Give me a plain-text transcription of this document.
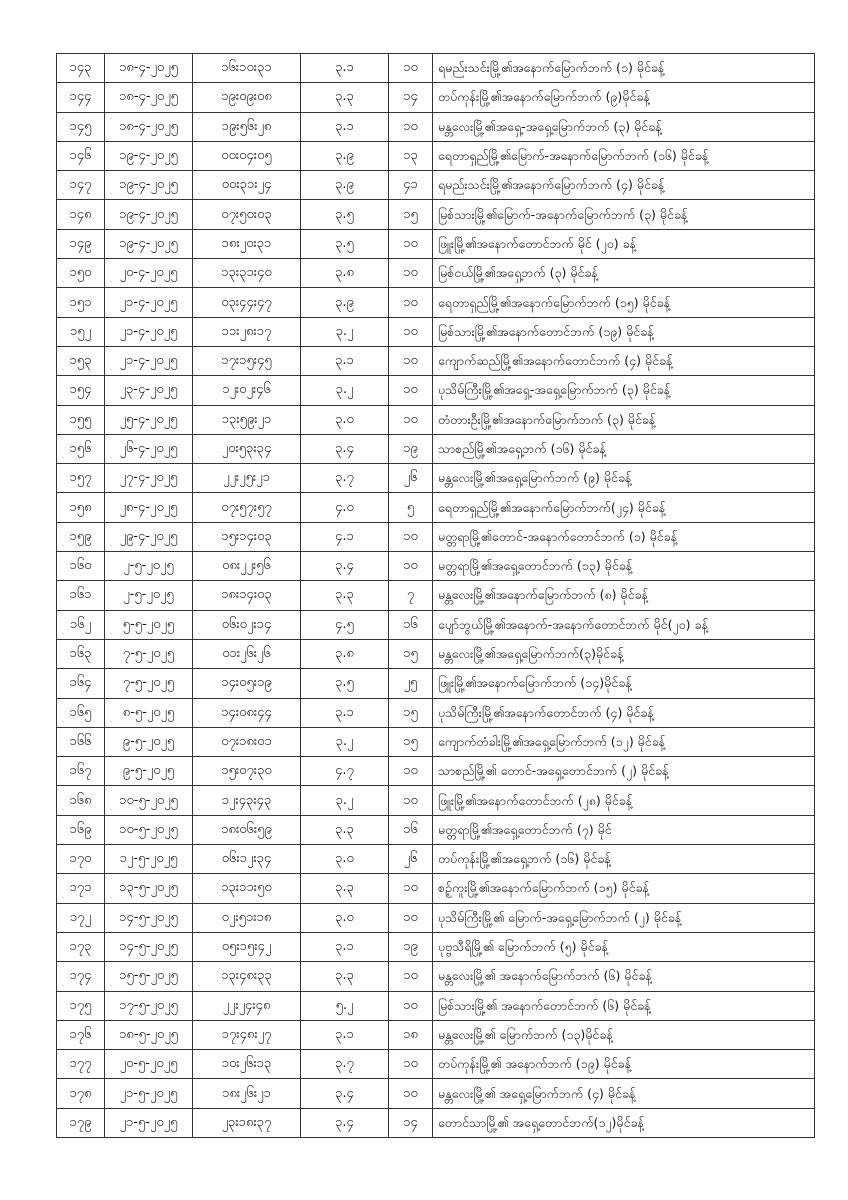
၁၄၃	၁၈-၄-၂၀၂၅	၁၆း၁၀း၃၁	၃.၁	၁၀	ရမည်းသင်းမြို့၏အနောက်မြောက်ဘက် (၁) မိုင်ခန့်
၁၄၄	၁၈-၄-၂၀၂၅	၁၉း၀၉း၀၈	၃.၃	၁၄	တပ်ကုန်းမြို့၏အနောက်မြောက်ဘက် (၉)မိုင်ခန့်
၁၄၅	၁၈-၄-၂၀၂၅	၁၉း၅၆း၂၈	၃.၁	၁၀	မန္တလေးမြို့၏အရှေ့-အရှေ့မြောက်ဘက် (၃) မိုင်ခန့်
၁၄၆	၁၉-၄-၂၀၂၅	၀၀း၀၄း၀၅	၃.၉	၁၃	ရေတာရှည်မြို့၏မြောက်-အနောက်မြောက်ဘက် (၁၆) မိုင်ခန့်
၁၄၇	၁၉-၄-၂၀၂၅	၀၀း၃၁း၂၄	၃.၉	၄၁	ရမည်းသင်းမြို့၏အနောက်မြောက်ဘက် (၄) မိုင်ခန့်
၁၄၈	၁၉-၄-၂၀၂၅	၀၇း၅၀း၀၃	၃.၅	၁၅	မြစ်သားမြို့၏မြောက်-အနောက်မြောက်ဘက် (၃) မိုင်ခန့်
၁၄၉	၁၉-၄-၂၀၂၅	၁၈း၂၀း၃၁	၃.၅	၁၀	ဖြူးမြို့၏အနောက်တောင်ဘက် မိုင် (၂၀) ခန့်
၁၅၀	၂၀-၄-၂၀၂၅	၁၃း၃၁း၄၀	၃.၈	၁၀	မြစ်ငယ်မြို့၏အရှေ့ဘက် (၃) မိုင်ခန့်
၁၅၁	၂၁-၄-၂၀၂၅	၀၃း၄၄း၄၇	၃.၉	၁၀	ရေတာရှည်မြို့၏အနောက်မြောက်ဘက် (၁၅) မိုင်ခန့်
၁၅၂	၂၁-၄-၂၀၂၅	၁၁း၂၈း၁၇	၃.၂	၁၀	မြစ်သားမြို့၏အနောက်တောင်ဘက် (၁၉) မိုင်ခန့်
၁၅၃	၂၁-၄-၂၀၂၅	၁၇း၁၅း၄၅	၃.၁	၁၀	ကျောက်ဆည်မြို့၏အနောက်တောင်ဘက် (၄) မိုင်ခန့်
၁၅၄	၂၃-၄-၂၀၂၅	၁၂း၀၂း၄၆	၃.၂	၁၀	ပုသိမ်ကြီးမြို့၏အရှေ့-အရှေ့မြောက်ဘက် (၃) မိုင်ခန့်
၁၅၅	၂၅-၄-၂၀၂၅	၁၃း၅၉း၂၁	၃.၀	၁၀	တံတားဦးမြို့၏အနောက်မြောက်ဘက် (၃) မိုင်ခန့်
၁၅၆	၂၆-၄-၂၀၂၅	၂၀း၅၃း၃၄	၃.၄	၁၉	သာစည်မြို့၏အရှေ့ဘက် (၁၆) မိုင်ခန့်
၁၅၇	၂၇-၄-၂၀၂၅	၂၂း၂၅း၂၁	၃.၇	၂၆	မန္တလေးမြို့၏အရှေ့မြောက်ဘက် (၉) မိုင်ခန့်
၁၅၈	၂၈-၄-၂၀၂၅	၀၇း၅၇း၅၇	၄.၀	၅	ရေတာရှည်မြို့၏အနောက်မြောက်ဘက်(၂၄) မိုင်ခန့်
၁၅၉	၂၉-၄-၂၀၂၅	၁၅း၁၄း၀၃	၄.၁	၁၀	မတ္တရာမြို့၏တောင်-အနောက်တောင်ဘက် (၁) မိုင်ခန့်
၁၆၀	၂-၅-၂၀၂၅	၀၈း၂၂း၅၆	၃.၄	၁၀	မတ္တရာမြို့၏အရှေ့တောင်ဘက် (၁၃) မိုင်ခန့်
၁၆၁	၂-၅-၂၀၂၅	၁၈း၁၄း၀၃	၃.၃	၇	မန္တလေးမြို့၏အနောက်မြောက်ဘက် (၈) မိုင်ခန့်
၁၆၂	၅-၅-၂၀၂၅	၀၆း၀၂း၁၄	၄.၅	၁၆	ပျော်ဘွယ်မြို့၏အနောက်-အနောက်တောင်ဘက် မိုင်(၂၀) ခန့်
၁၆၃	၇-၅-၂၀၂၅	၀၁း၂၆း၂၆	၃.၈	၁၅	မန္တလေးမြို့၏အရှေ့မြောက်ဘက်(၃)မိုင်ခန့်
၁၆၄	၇-၅-၂၀၂၅	၁၄း၀၅း၁၉	၃.၅	၂၅	ဖြူးမြို့၏အနောက်မြောက်ဘက် (၁၄)မိုင်ခန့်
၁၆၅	၈-၅-၂၀၂၅	၁၄း၀၈း၄၄	၃.၁	၁၅	ပုသိမ်ကြီးမြို့၏အနောက်တောင်ဘက် (၄) မိုင်ခန့်
၁၆၆	၉-၅-၂၀၂၅	၀၇း၁၈း၀၁	၃.၂	၁၅	ကျောက်တံခါးမြို့၏အရှေ့မြောက်ဘက် (၁၂) မိုင်ခန့်
၁၆၇	၉-၅-၂၀၂၅	၁၅း၀၇း၃၀	၄.၇	၁၀	သာစည်မြို့၏ တောင်-အရှေ့တောင်ဘက် (၂) မိုင်ခန့်
၁၆၈	၁၀-၅-၂၀၂၅	၁၂း၄၃း၄၃	၃.၂	၁၀	ဖြူးမြို့၏အနောက်တောင်ဘက် (၂၈) မိုင်ခန့်
၁၆၉	၁၀-၅-၂၀၂၅	၁၈း၀၆း၅၉	၃.၃	၁၆	မတ္တရာမြို့၏အရှေ့တောင်ဘက် (၇) မိုင်
၁၇၀	၁၂-၅-၂၀၂၅	၀၆း၁၂း၃၄	၃.၀	၂၆	တပ်ကုန်းမြို့၏အရှေ့ဘက် (၁၆) မိုင်ခန့်
၁၇၁	၁၃-၅-၂၀၂၅	၁၃း၁၁း၅၀	၃.၃	၁၀	စဉ့်ကူးမြို့၏အနောက်မြောက်ဘက် (၁၅) မိုင်ခန့်
၁၇၂	၁၄-၅-၂၀၂၅	၀၂း၅၁း၁၈	၃.၀	၁၀	ပုသိမ်ကြီးမြို့၏ မြောက်-အရှေ့မြောက်ဘက် (၂) မိုင်ခန့်
၁၇၃	၁၄-၅-၂၀၂၅	၀၅း၁၅း၄၂	၃.၁	၁၉	ပုဗ္ဗသီရိမြို့၏ မြောက်ဘက် (၅) မိုင်ခန့်
၁၇၄	၁၅-၅-၂၀၂၅	၁၃း၄၈း၃၃	၃.၃	၁၀	မန္တလေးမြို့၏ အနောက်မြောက်ဘက် (၆) မိုင်ခန့်
၁၇၅	၁၇-၅-၂၀၂၅	၂၂း၂၄း၄၈	၅.၂	၁၀	မြစ်သားမြို့၏ အနောက်တောင်ဘက် (၆) မိုင်ခန့်
၁၇၆	၁၈-၅-၂၀၂၅	၁၇း၄၈း၂၇	၃.၁	၁၈	မန္တလေးမြို့၏ မြောက်ဘက် (၁၃)မိုင်ခန့်
၁၇၇	၂၀-၅-၂၀၂၅	၁၀း၂၆း၁၃	၃.၇	၁၀	တပ်ကုန်းမြို့၏ အနောက်ဘက် (၁၉) မိုင်ခန့်
၁၇၈	၂၁-၅-၂၀၂၅	၁၈း၂၆း၂၁	၃.၄	၁၀	မန္တလေးမြို့၏ အရှေ့မြောက်ဘက် (၄) မိုင်ခန့်
၁၇၉	၂၁-၅-၂၀၂၅	၂၃း၁၈း၃၇	၃.၄	၁၄	တောင်သာမြို့၏ အရှေ့တောင်ဘက်(၁၂)မိုင်ခန့်
